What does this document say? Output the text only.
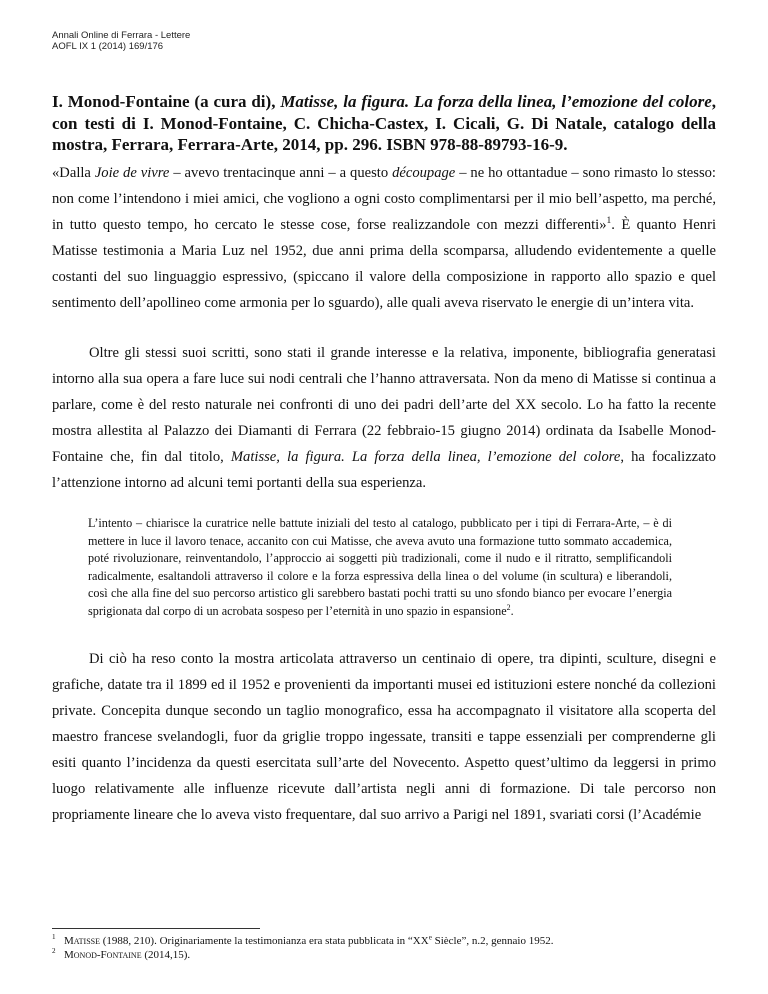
Annali Online di Ferrara - Lettere
AOFL IX 1 (2014) 169/176
I. Monod-Fontaine (a cura di), Matisse, la figura. La forza della linea, l’emozione del colore, con testi di I. Monod-Fontaine, C. Chicha-Castex, I. Cicali, G. Di Natale, catalogo della mostra, Ferrara, Ferrara-Arte, 2014, pp. 296. ISBN 978-88-89793-16-9.
«Dalla Joie de vivre – avevo trentacinque anni – a questo découpage – ne ho ottantadue – sono rimasto lo stesso: non come l’intendono i miei amici, che vogliono a ogni costo complimentarsi per il mio bell’aspetto, ma perché, in tutto questo tempo, ho cercato le stesse cose, forse realizzandole con mezzi differenti»$^1$. È quanto Henri Matisse testimonia a Maria Luz nel 1952, due anni prima della scomparsa, alludendo evidentemente a quelle costanti del suo linguaggio espressivo, (spiccano il valore della composizione in rapporto allo spazio e quel sentimento dell’apollineo come armonia per lo sguardo), alle quali aveva riservato le energie di un’intera vita.
Oltre gli stessi suoi scritti, sono stati il grande interesse e la relativa, imponente, bibliografia generatasi intorno alla sua opera a fare luce sui nodi centrali che l’hanno attraversata. Non da meno di Matisse si continua a parlare, come è del resto naturale nei confronti di uno dei padri dell’arte del XX secolo. Lo ha fatto la recente mostra allestita al Palazzo dei Diamanti di Ferrara (22 febbraio-15 giugno 2014) ordinata da Isabelle Monod-Fontaine che, fin dal titolo, Matisse, la figura. La forza della linea, l’emozione del colore, ha focalizzato l’attenzione intorno ad alcuni temi portanti della sua esperienza.
L’intento – chiarisce la curatrice nelle battute iniziali del testo al catalogo, pubblicato per i tipi di Ferrara-Arte, – è di mettere in luce il lavoro tenace, accanito con cui Matisse, che aveva avuto una formazione tutto sommato accademica, poté rivoluzionare, reinventandolo, l’approccio ai soggetti più tradizionali, come il nudo e il ritratto, semplificandoli radicalmente, esaltandoli attraverso il colore e la forza espressiva della linea o del volume (in scultura) e liberandoli, così che alla fine del suo percorso artistico gli sarebbero bastati pochi tratti su uno sfondo bianco per evocare l’energia sprigionata dal corpo di un acrobata sospeso per l’eternità in uno spazio in espansione$^2$.
Di ciò ha reso conto la mostra articolata attraverso un centinaio di opere, tra dipinti, sculture, disegni e grafiche, datate tra il 1899 ed il 1952 e provenienti da importanti musei ed istituzioni estere nonché da collezioni private. Concepita dunque secondo un taglio monografico, essa ha accompagnato il visitatore alla scoperta del maestro francese svelandogli, fuor da griglie troppo ingessate, transiti e tappe essenziali per comprenderne gli esiti quanto l’incidenza da questi esercitata sull’arte del Novecento. Aspetto quest’ultimo da leggersi in primo luogo relativamente alle influenze ricevute dall’artista negli anni di formazione. Di tale percorso non propriamente lineare che lo aveva visto frequentare, dal suo arrivo a Parigi nel 1891, svariati corsi (l’Académie
$^1$ Matisse (1988, 210). Originariamente la testimonianza era stata pubblicata in “XXe Siècle”, n.2, gennaio 1952.
$^2$ Monod-Fontaine (2014,15).
